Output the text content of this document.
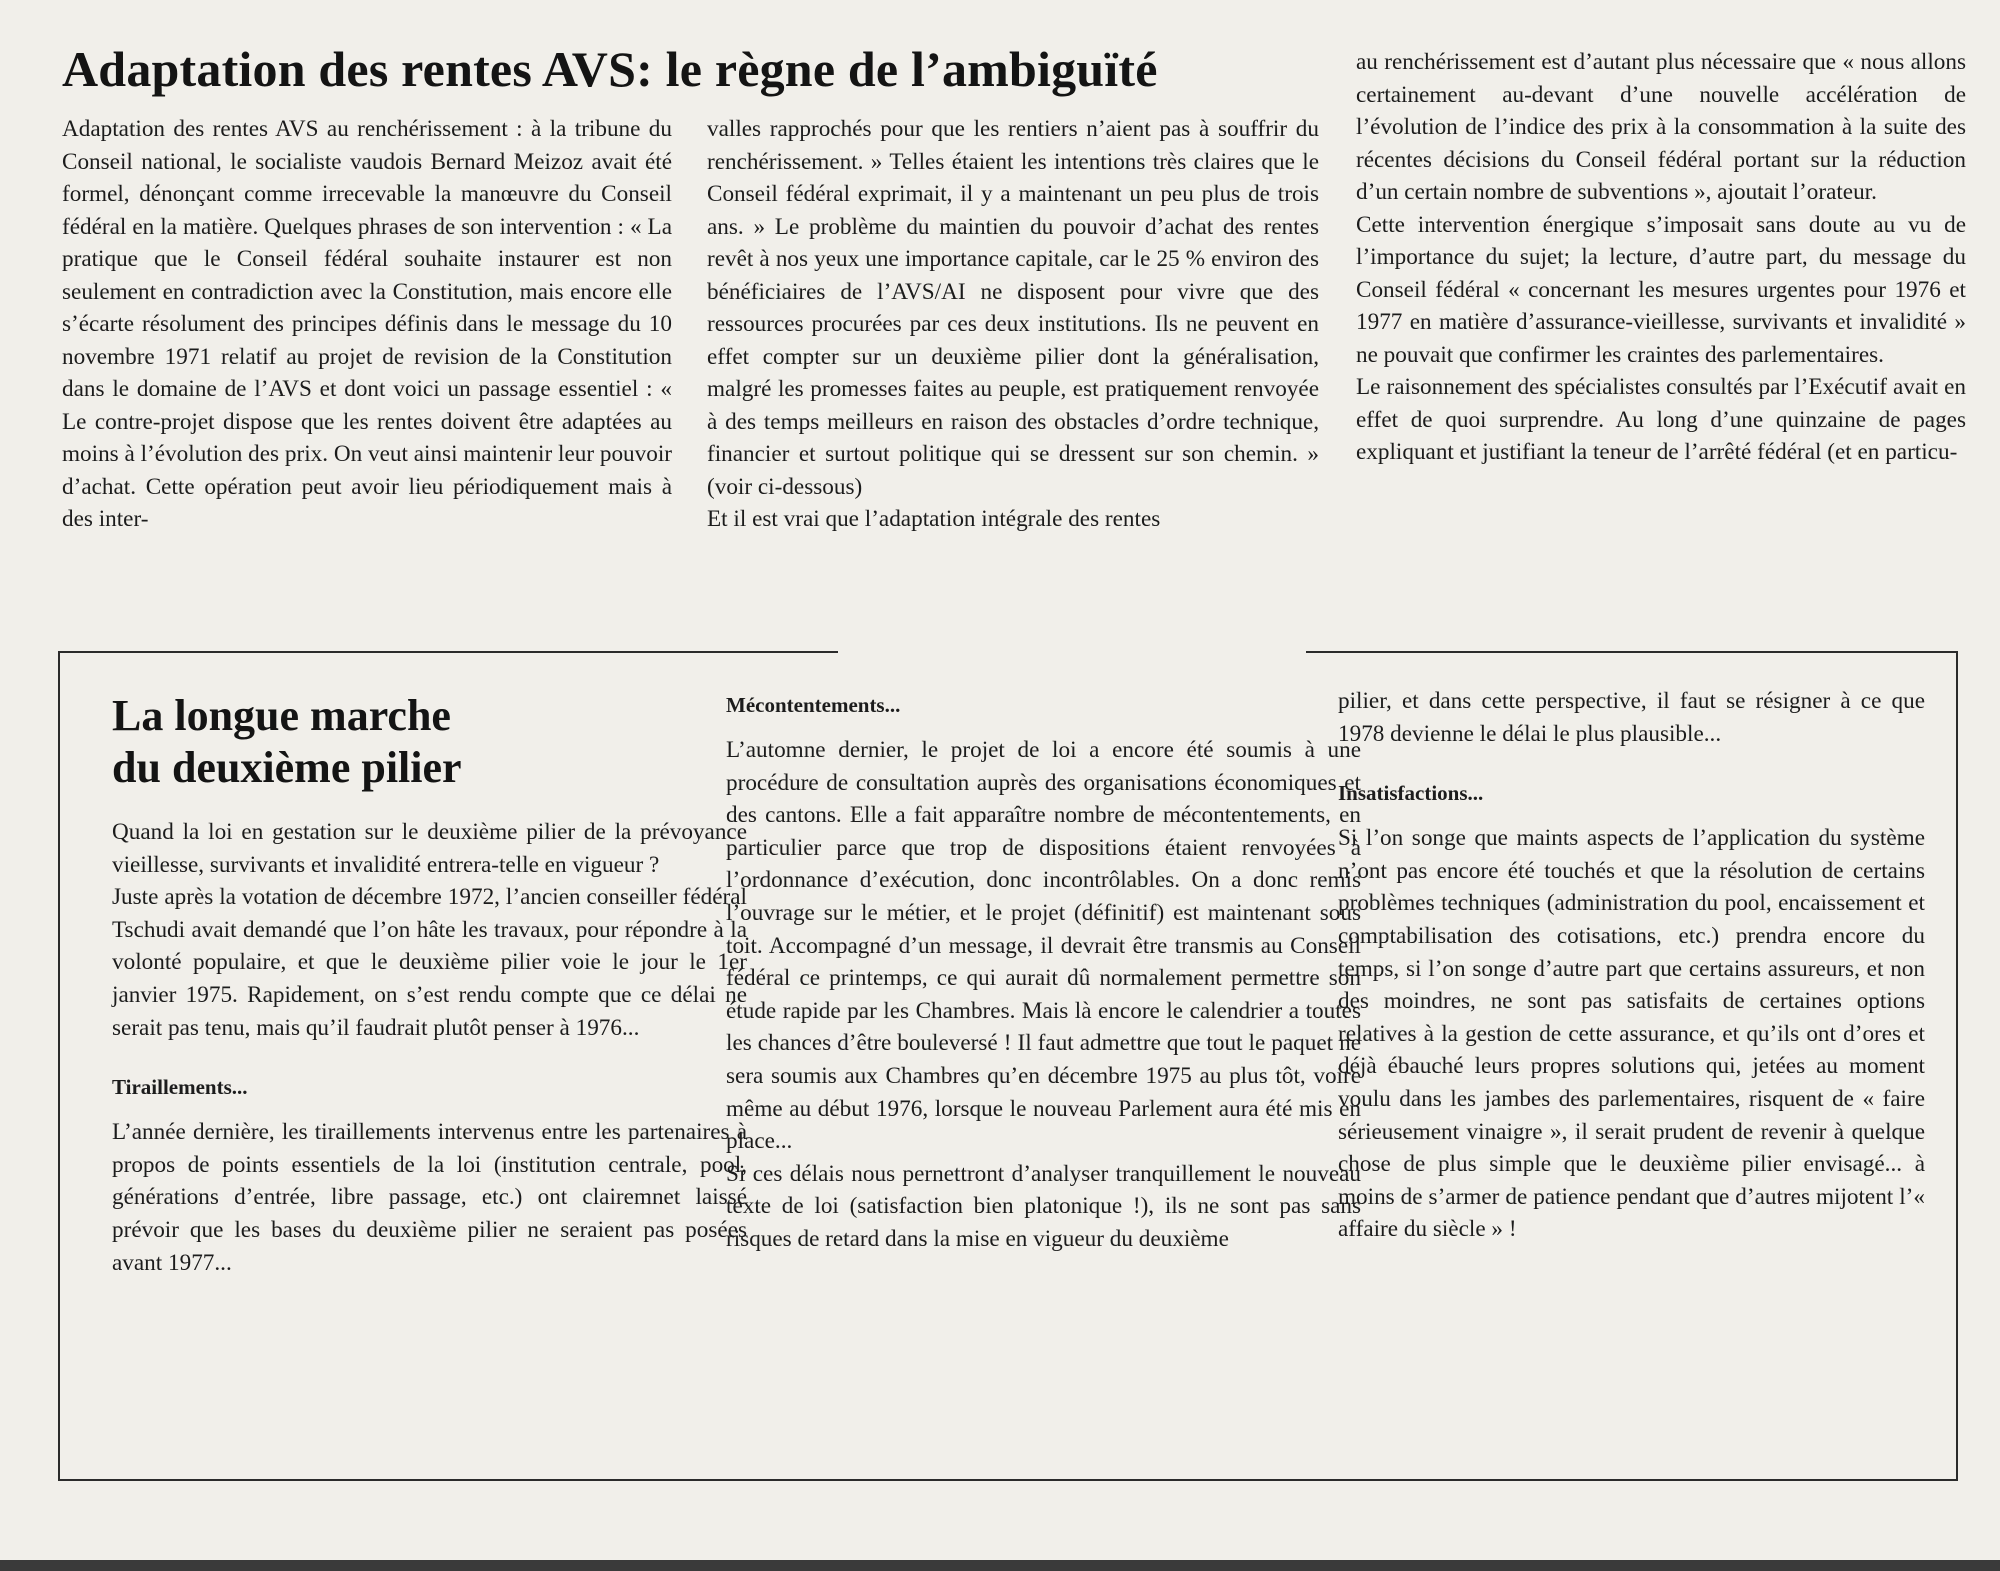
Adaptation des rentes AVS: le règne de l’ambiguïté

Adaptation des rentes AVS au renchérissement : à la tribune du Conseil national, le socialiste vaudois Bernard Meizoz avait été formel, dénonçant comme irrecevable la manœuvre du Conseil fédéral en la matière. Quelques phrases de son intervention : « La pratique que le Conseil fédéral souhaite instaurer est non seulement en contradiction avec la Constitution, mais encore elle s’écarte résolument des principes définis dans le message du 10 novembre 1971 relatif au projet de revision de la Constitution dans le domaine de l’AVS et dont voici un passage essentiel : « Le contre-projet dispose que les rentes doivent être adaptées au moins à l’évolution des prix. On veut ainsi maintenir leur pouvoir d’achat. Cette opération peut avoir lieu périodiquement mais à des inter-

valles rapprochés pour que les rentiers n’aient pas à souffrir du renchérissement. » Telles étaient les intentions très claires que le Conseil fédéral exprimait, il y a maintenant un peu plus de trois ans. » Le problème du maintien du pouvoir d’achat des rentes revêt à nos yeux une importance capitale, car le 25 % environ des bénéficiaires de l’AVS/AI ne disposent pour vivre que des ressources procurées par ces deux institutions. Ils ne peuvent en effet compter sur un deuxième pilier dont la généralisation, malgré les promesses faites au peuple, est pratiquement renvoyée à des temps meilleurs en raison des obstacles d’ordre technique, financier et surtout politique qui se dressent sur son chemin. » (voir ci-dessous)

Et il est vrai que l’adaptation intégrale des rentes

au renchérissement est d’autant plus nécessaire que « nous allons certainement au-devant d’une nouvelle accélération de l’évolution de l’indice des prix à la consommation à la suite des récentes décisions du Conseil fédéral portant sur la réduction d’un certain nombre de subventions », ajoutait l’orateur.

Cette intervention énergique s’imposait sans doute au vu de l’importance du sujet; la lecture, d’autre part, du message du Conseil fédéral « concernant les mesures urgentes pour 1976 et 1977 en matière d’assurance-vieillesse, survivants et invalidité » ne pouvait que confirmer les craintes des parlementaires.

Le raisonnement des spécialistes consultés par l’Exécutif avait en effet de quoi surprendre. Au long d’une quinzaine de pages expliquant et justifiant la teneur de l’arrêté fédéral (et en particu-

La longue marche
du deuxième pilier

Quand la loi en gestation sur le deuxième pilier de la prévoyance vieillesse, survivants et invalidité entrera-telle en vigueur ?

Juste après la votation de décembre 1972, l’ancien conseiller fédéral Tschudi avait demandé que l’on hâte les travaux, pour répondre à la volonté populaire, et que le deuxième pilier voie le jour le 1er janvier 1975. Rapidement, on s’est rendu compte que ce délai ne serait pas tenu, mais qu’il faudrait plutôt penser à 1976...

Tiraillements...

L’année dernière, les tiraillements intervenus entre les partenaires à propos de points essentiels de la loi (institution centrale, pool, générations d’entrée, libre passage, etc.) ont clairemnet laissé prévoir que les bases du deuxième pilier ne seraient pas posées avant 1977...

Mécontentements...

L’automne dernier, le projet de loi a encore été soumis à une procédure de consultation auprès des organisations économiques et des cantons. Elle a fait apparaître nombre de mécontentements, en particulier parce que trop de dispositions étaient renvoyées à l’ordonnance d’exécution, donc incontrôlables. On a donc remis l’ouvrage sur le métier, et le projet (définitif) est maintenant sous toit. Accompagné d’un message, il devrait être transmis au Conseil fédéral ce printemps, ce qui aurait dû normalement permettre son étude rapide par les Chambres. Mais là encore le calendrier a toutes les chances d’être bouleversé ! Il faut admettre que tout le paquet ne sera soumis aux Chambres qu’en décembre 1975 au plus tôt, voire même au début 1976, lorsque le nouveau Parlement aura été mis en place...

Si ces délais nous pernettront d’analyser tranquillement le nouveau texte de loi (satisfaction bien platonique !), ils ne sont pas sans risques de retard dans la mise en vigueur du deuxième

pilier, et dans cette perspective, il faut se résigner à ce que 1978 devienne le délai le plus plausible...

Insatisfactions...

Si l’on songe que maints aspects de l’application du système n’ont pas encore été touchés et que la résolution de certains problèmes techniques (administration du pool, encaissement et comptabilisation des cotisations, etc.) prendra encore du temps, si l’on songe d’autre part que certains assureurs, et non des moindres, ne sont pas satisfaits de certaines options relatives à la gestion de cette assurance, et qu’ils ont d’ores et déjà ébauché leurs propres solutions qui, jetées au moment voulu dans les jambes des parlementaires, risquent de « faire sérieusement vinaigre », il serait prudent de revenir à quelque chose de plus simple que le deuxième pilier envisagé... à moins de s’armer de patience pendant que d’autres mijotent l’« affaire du siècle » !
